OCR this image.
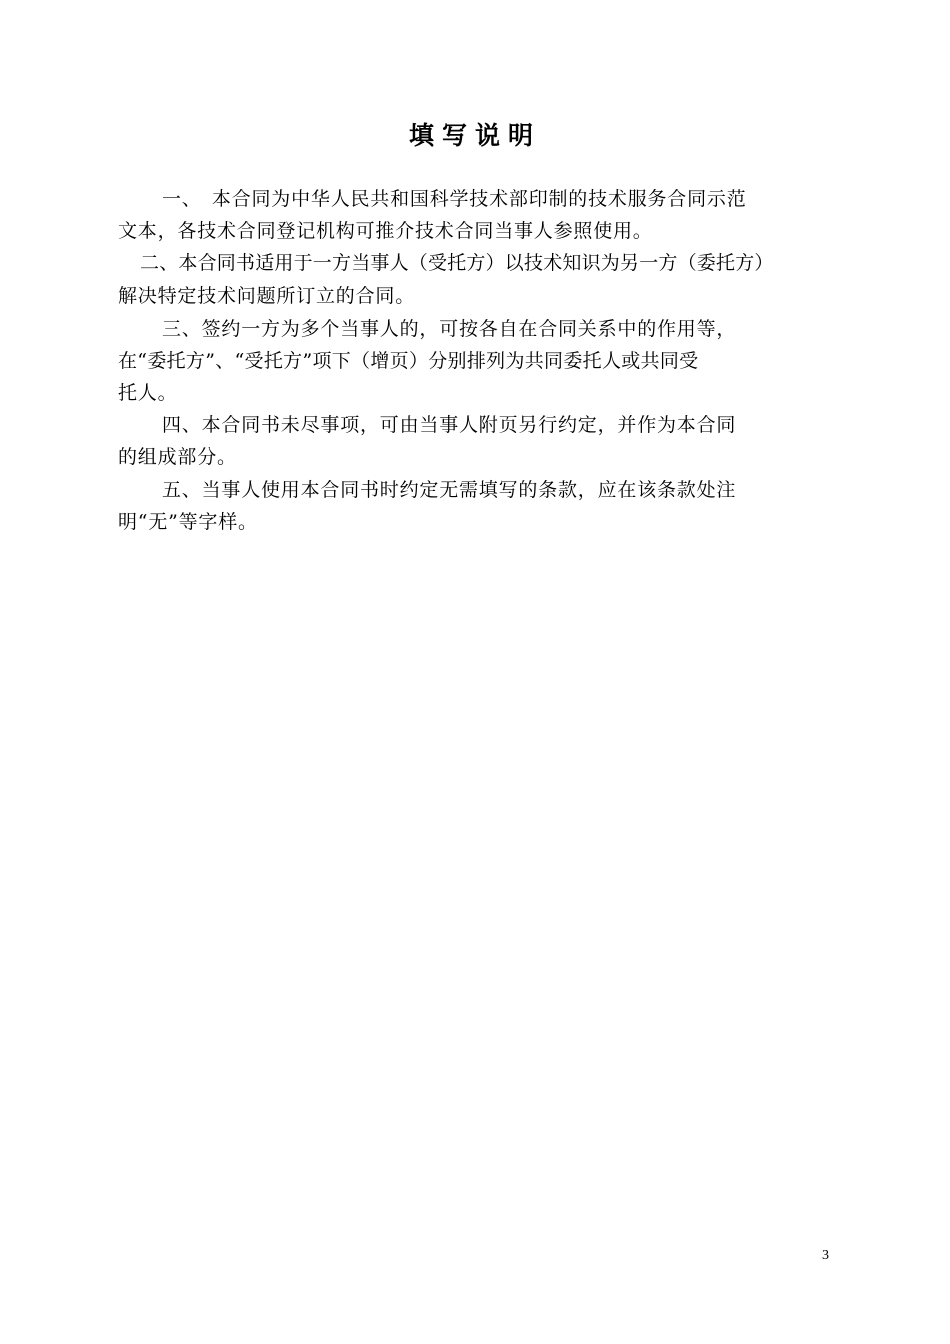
填写说明
一、　本合同为中华人民共和国科学技术部印制的技术服务合同示范
文本，各技术合同登记机构可推介技术合同当事人参照使用。
二、本合同书适用于一方当事人（受托方）以技术知识为另一方（委托方）
解决特定技术问题所订立的合同。
三、签约一方为多个当事人的，可按各自在合同关系中的作用等，
在“委托方”、“受托方”项下（增页）分别排列为共同委托人或共同受
托人。
四、本合同书未尽事项，可由当事人附页另行约定，并作为本合同
的组成部分。
五、当事人使用本合同书时约定无需填写的条款，应在该条款处注
明“无”等字样。
3
